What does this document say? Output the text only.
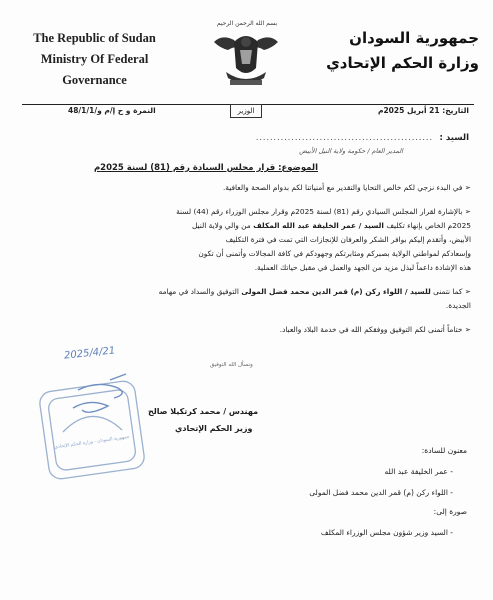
The Republic of Sudan
Ministry Of Federal
Governance
جمهورية السودان
وزارة الحكم الإتحادي
بسم الله الرحمن الرحيم
النمرة و ح إ/م و/48/1/1	الوزير	التاريخ: 21 أبريل 2025م
السيد :
..................................................
المدير العام / حكومة ولاية النيل الأبيض
الموضوع: قرار مجلس السيادة رقم (81) لسنة 2025م
➢ في البدء نزجي لكم خالص التحايا والتقدير مع أمنياتنا لكم بدوام الصحة والعافية.
➢ بالإشارة لقرار المجلس السيادي رقم (81) لسنة 2025م وقرار مجلس الوزراء رقم (44) لسنة
2025م الخاص بإنهاء تكليف السيد / عمر الخليفة عبد الله المكلف من والي ولاية النيل
الأبيض، وأتقدم إليكم بوافر الشكر والعرفان للإنجازات التي تمت في فترة التكليف
وإسعادكم لمواطني الولاية بصبركم ومثابرتكم وجهودكم في كافة المجالات وأتمنى أن تكون
هذه الإشادة داعماً لبذل مزيد من الجهد والعمل في مقبل حياتك العملية.
➢ كما نتمنى للسيد / اللواء ركن (م) قمر الدين محمد فضل المولى التوفيق والسداد في مهامه
الجديدة.
➢ ختاماً أتمنى لكم التوفيق ووفقكم الله في خدمة البلاد والعباد.
ونسأل الله التوفيق
2025/4/21
جمهورية السودان - وزارة الحكم الإتحادي
مهندس / محمد كرتكيلا صالح
وزير الحكم الإتحادي
معنون للسادة:
- عمر الخليفة عبد الله
- اللواء ركن (م) قمر الدين محمد فضل المولى
صورة إلى:
- السيد وزير شؤون مجلس الوزراء المكلف
